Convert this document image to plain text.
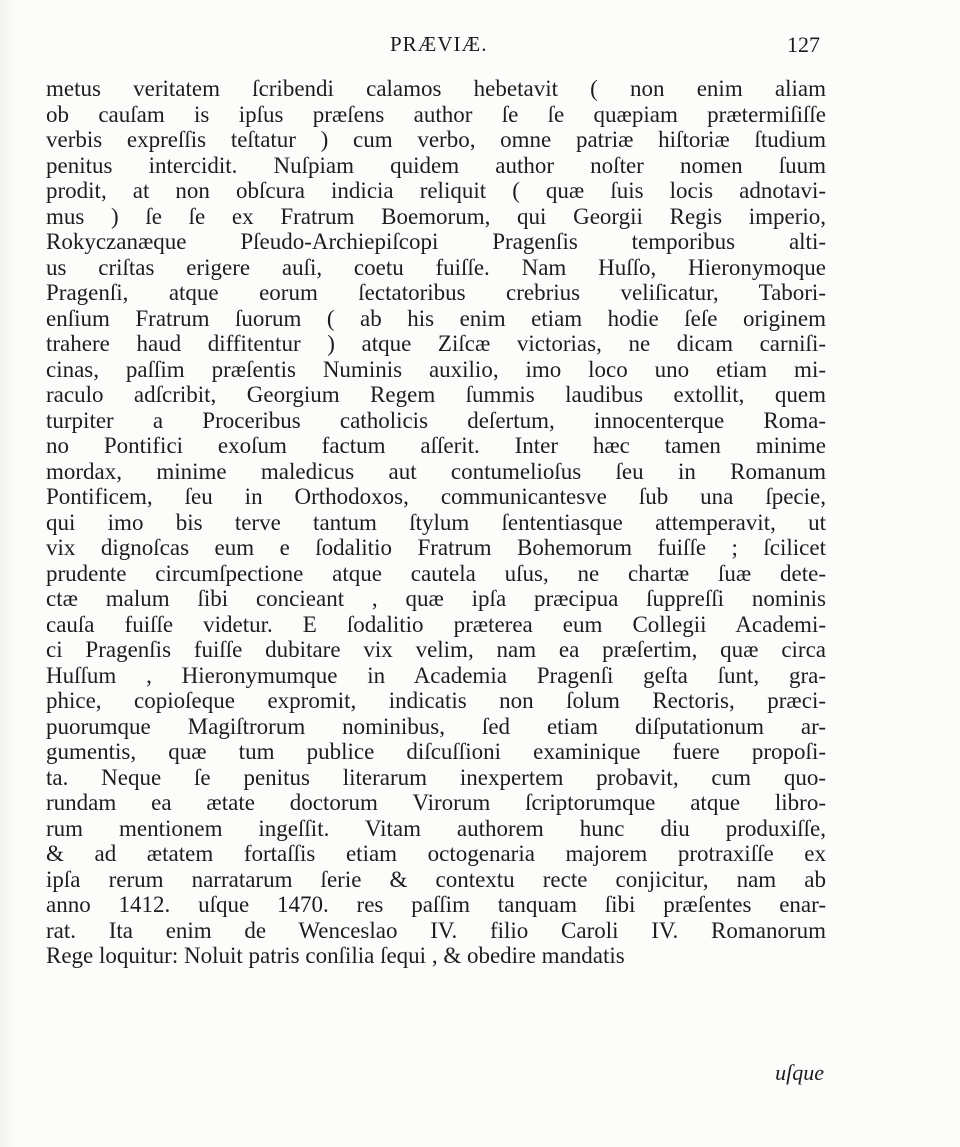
PRÆVIÆ.	127
metus veritatem ſcribendi calamos hebetavit ( non enim aliam
ob cauſam is ipſus præſens author ſe ſe quæpiam prætermiſiſſe
verbis expreſſis teſtatur ) cum verbo, omne patriæ hiſtoriæ ſtudium
penitus intercidit. Nuſpiam quidem author noſter nomen ſuum
prodit, at non obſcura indicia reliquit ( quæ ſuis locis adnotavi-
mus ) ſe ſe ex Fratrum Boemorum, qui Georgii Regis imperio,
Rokyczanæque Pſeudo-Archiepiſcopi Pragenſis temporibus alti-
us criſtas erigere auſi, coetu fuiſſe. Nam Huſſo, Hieronymoque
Pragenſi, atque eorum ſectatoribus crebrius veliſicatur, Tabori-
enſium Fratrum ſuorum ( ab his enim etiam hodie ſeſe originem
trahere haud diffitentur ) atque Ziſcæ victorias, ne dicam carniſi-
cinas, paſſim præſentis Numinis auxilio, imo loco uno etiam mi-
raculo adſcribit, Georgium Regem ſummis laudibus extollit, quem
turpiter a Proceribus catholicis deſertum, innocenterque Roma-
no Pontifici exoſum factum aſſerit. Inter hæc tamen minime
mordax, minime maledicus aut contumelioſus ſeu in Romanum
Pontificem, ſeu in Orthodoxos, communicantesve ſub una ſpecie,
qui imo bis terve tantum ſtylum ſententiasque attemperavit, ut
vix dignoſcas eum e ſodalitio Fratrum Bohemorum fuiſſe ; ſcilicet
prudente circumſpectione atque cautela uſus, ne chartæ ſuæ dete-
ctæ malum ſibi concieant , quæ ipſa præcipua ſuppreſſi nominis
cauſa fuiſſe videtur. E ſodalitio præterea eum Collegii Academi-
ci Pragenſis fuiſſe dubitare vix velim, nam ea præſertim, quæ circa
Huſſum , Hieronymumque in Academia Pragenſi geſta ſunt, gra-
phice, copioſeque expromit, indicatis non ſolum Rectoris, præci-
puorumque Magiſtrorum nominibus, ſed etiam diſputationum ar-
gumentis, quæ tum publice diſcuſſioni examinique fuere propoſi-
ta. Neque ſe penitus literarum inexpertem probavit, cum quo-
rundam ea ætate doctorum Virorum ſcriptorumque atque libro-
rum mentionem ingeſſit. Vitam authorem hunc diu produxiſſe,
& ad ætatem fortaſſis etiam octogenaria majorem protraxiſſe ex
ipſa rerum narratarum ſerie & contextu recte conjicitur, nam ab
anno 1412. uſque 1470. res paſſim tanquam ſibi præſentes enar-
rat. Ita enim de Wenceslao IV. filio Caroli IV. Romanorum
Rege loquitur: Noluit patris conſilia ſequi , & obedire mandatis
uſque
